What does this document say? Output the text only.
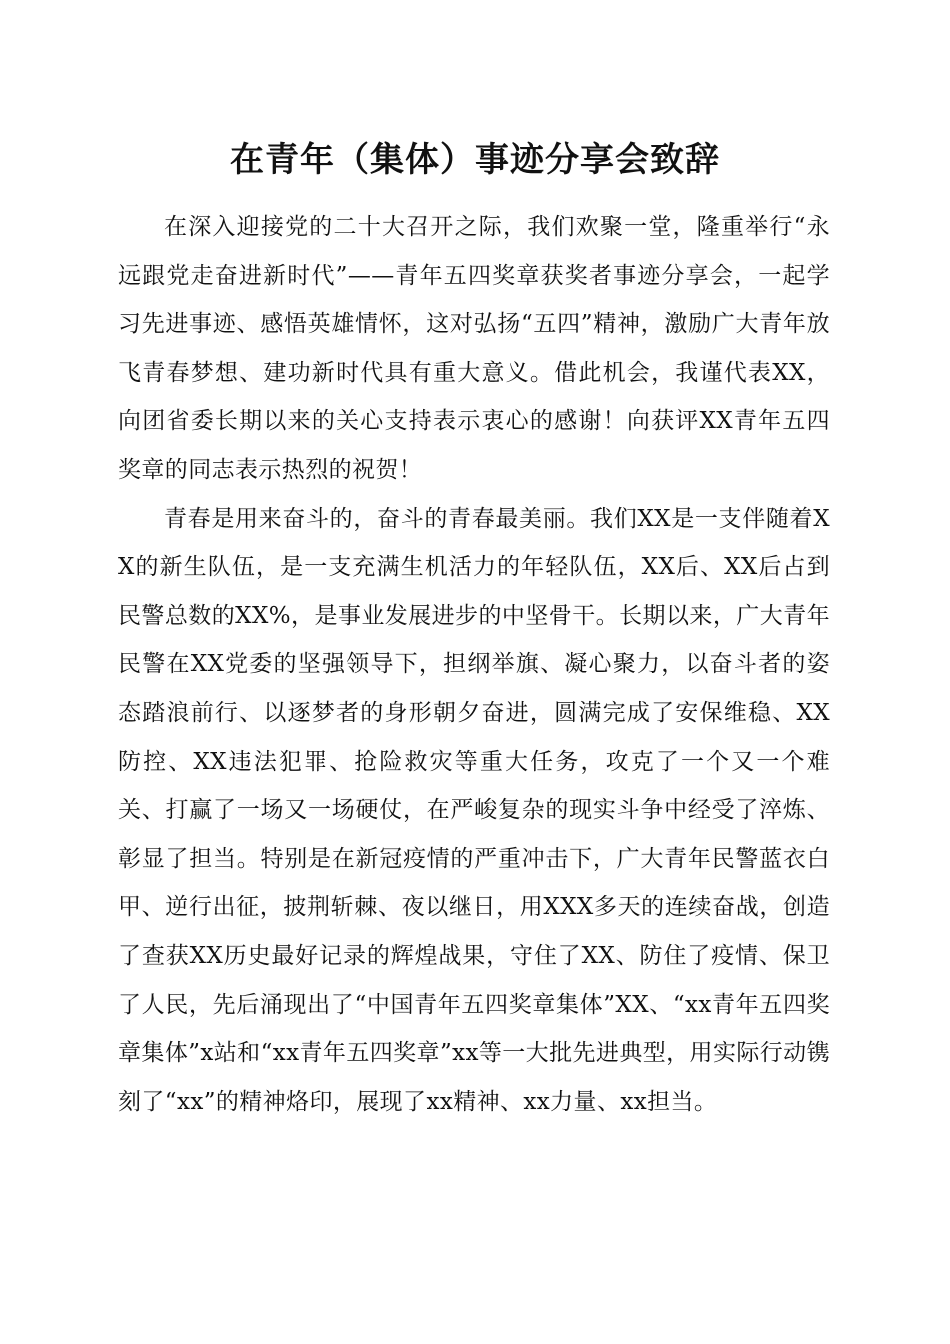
在青年（集体）事迹分享会致辞

在深入迎接党的二十大召开之际，我们欢聚一堂，隆重举行“永远跟党走奋进新时代”——青年五四奖章获奖者事迹分享会，一起学习先进事迹、感悟英雄情怀，这对弘扬“五四”精神，激励广大青年放飞青春梦想、建功新时代具有重大意义。借此机会，我谨代表XX，向团省委长期以来的关心支持表示衷心的感谢！向获评XX青年五四奖章的同志表示热烈的祝贺！

青春是用来奋斗的，奋斗的青春最美丽。我们XX是一支伴随着XX的新生队伍，是一支充满生机活力的年轻队伍，XX后、XX后占到民警总数的XX%，是事业发展进步的中坚骨干。长期以来，广大青年民警在XX党委的坚强领导下，担纲举旗、凝心聚力，以奋斗者的姿态踏浪前行、以逐梦者的身形朝夕奋进，圆满完成了安保维稳、XX防控、XX违法犯罪、抢险救灾等重大任务，攻克了一个又一个难关、打赢了一场又一场硬仗，在严峻复杂的现实斗争中经受了淬炼、彰显了担当。特别是在新冠疫情的严重冲击下，广大青年民警蓝衣白甲、逆行出征，披荆斩棘、夜以继日，用XXX多天的连续奋战，创造了查获XX历史最好记录的辉煌战果，守住了XX、防住了疫情、保卫了人民，先后涌现出了“中国青年五四奖章集体”XX、“xx青年五四奖章集体”x站和“xx青年五四奖章”xx等一大批先进典型，用实际行动镌刻了“xx”的精神烙印，展现了xx精神、xx力量、xx担当。
